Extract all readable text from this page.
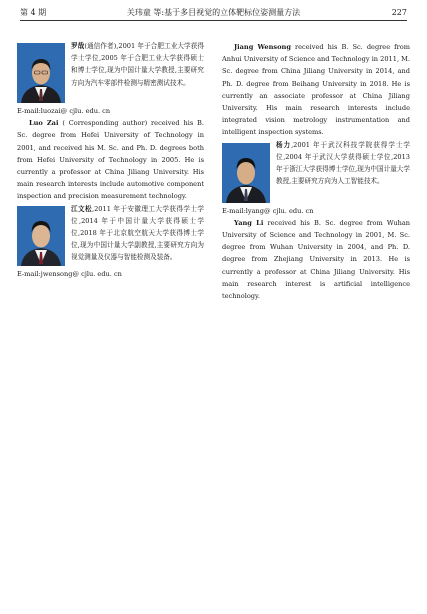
第 4 期	关玮童 等:基于多目视觉的立体靶标位姿测量方法	227

罗哉(通信作者),2001 年于合肥工业大学获得学士学位,2005 年于合肥工业大学获得硕士和博士学位,现为中国计量大学教授,主要研究方向为汽车零部件检测与精密测试技术。

E-mail:luozai@ cjlu. edu. cn

Luo Zai ( Corresponding author) received his B. Sc. degree from Hefei University of Technology in 2001, and received his M. Sc. and Ph. D. degrees both from Hefei University of Technology in 2005. He is currently a professor at China Jiliang University. His main research interests include automotive component inspection and precision measurement technology.

江文松,2011 年于安徽理工大学获得学士学位,2014 年于中国计量大学获得硕士学位,2018 年于北京航空航天大学获得博士学位,现为中国计量大学副教授,主要研究方向为视觉测量及仪器与智能检测及装备。

E-mail:jwensong@ cjlu. edu. cn

Jiang Wensong received his B. Sc. degree from Anhui University of Science and Technology in 2011, M. Sc. degree from China Jiliang University in 2014, and Ph. D. degree from Beihang University in 2018. He is currently an associate professor at China Jiliang University. His main research interests include integrated vision metrology instrumentation and intelligent inspection systems.

杨力,2001 年于武汉科技学院获得学士学位,2004 年于武汉大学获得硕士学位,2013 年于浙江大学获得博士学位,现为中国计量大学教授,主要研究方向为人工智能技术。

E-mail:lyang@ cjlu. edu. cn

Yang Li received his B. Sc. degree from Wuhan University of Science and Technology in 2001, M. Sc. degree from Wuhan University in 2004, and Ph. D. degree from Zhejiang University in 2013. He is currently a professor at China Jiliang University. His main research interest is artificial intelligence technology.
